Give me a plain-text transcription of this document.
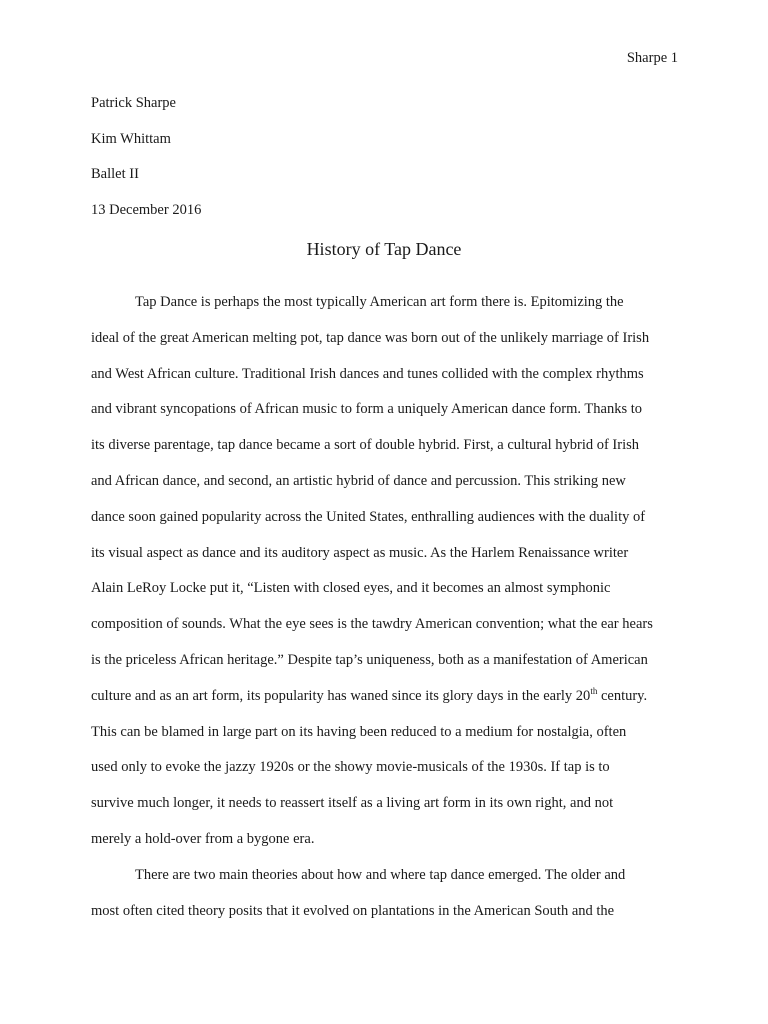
Sharpe 1
Patrick Sharpe
Kim Whittam
Ballet II
13 December 2016
History of Tap Dance
Tap Dance is perhaps the most typically American art form there is. Epitomizing the
ideal of the great American melting pot, tap dance was born out of the unlikely marriage of Irish
and West African culture. Traditional Irish dances and tunes collided with the complex rhythms
and vibrant syncopations of African music to form a uniquely American dance form. Thanks to
its diverse parentage, tap dance became a sort of double hybrid. First, a cultural hybrid of Irish
and African dance, and second, an artistic hybrid of dance and percussion. This striking new
dance soon gained popularity across the United States, enthralling audiences with the duality of
its visual aspect as dance and its auditory aspect as music. As the Harlem Renaissance writer
Alain LeRoy Locke put it, “Listen with closed eyes, and it becomes an almost symphonic
composition of sounds. What the eye sees is the tawdry American convention; what the ear hears
is the priceless African heritage.” Despite tap’s uniqueness, both as a manifestation of American
culture and as an art form, its popularity has waned since its glory days in the early 20th century.
This can be blamed in large part on its having been reduced to a medium for nostalgia, often
used only to evoke the jazzy 1920s or the showy movie-musicals of the 1930s. If tap is to
survive much longer, it needs to reassert itself as a living art form in its own right, and not
merely a hold-over from a bygone era.
There are two main theories about how and where tap dance emerged. The older and
most often cited theory posits that it evolved on plantations in the American South and the
